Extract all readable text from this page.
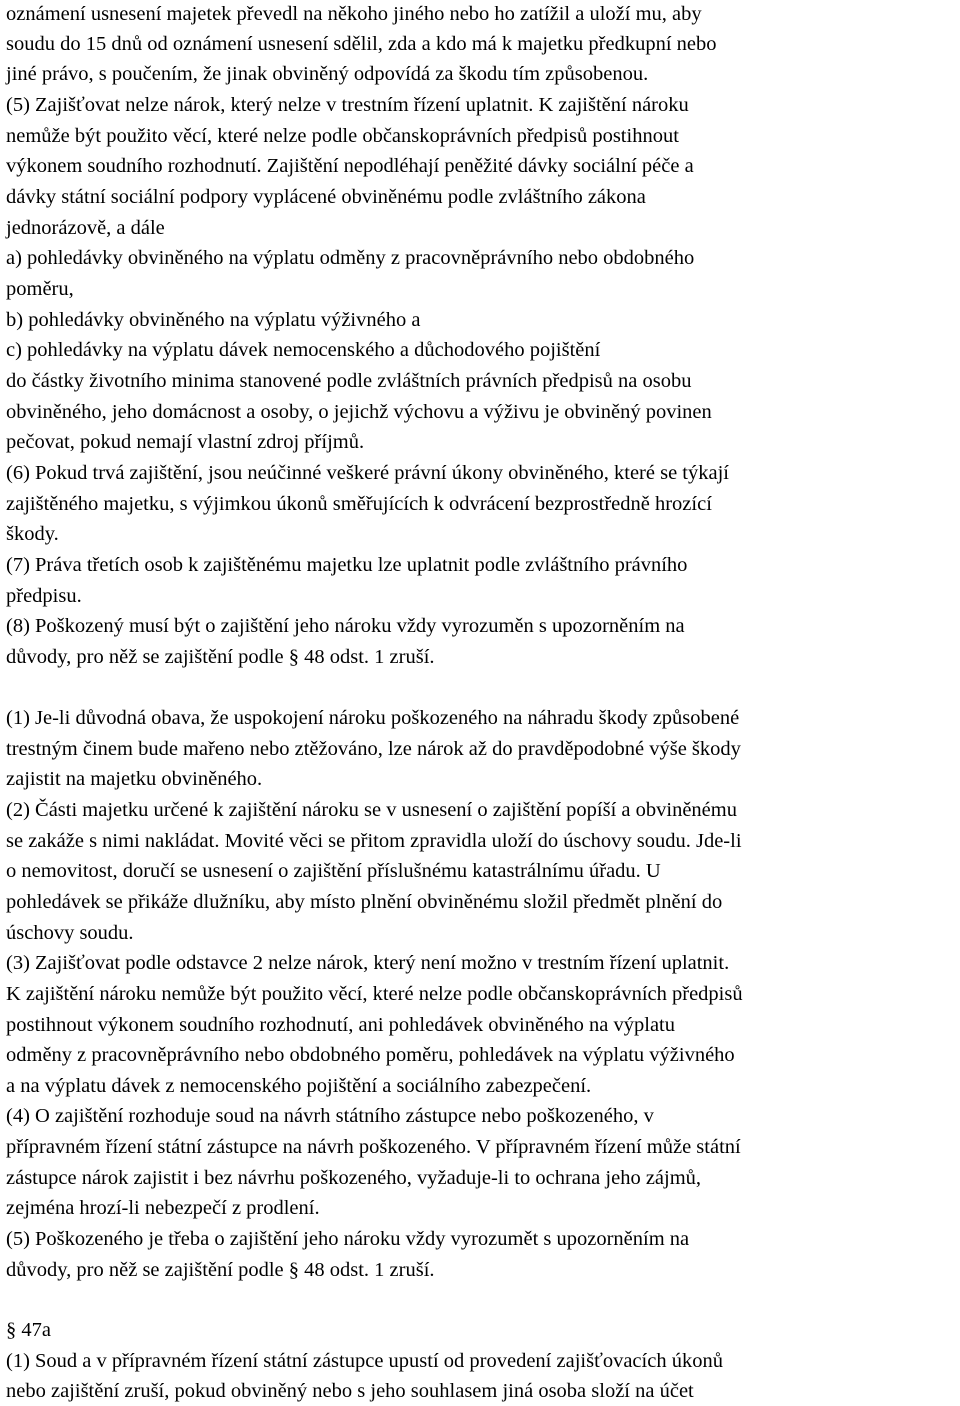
oznámení usnesení majetek převedl na někoho jiného nebo ho zatížil a uloží mu, aby
soudu do 15 dnů od oznámení usnesení sdělil, zda a kdo má k majetku předkupní nebo
jiné právo, s poučením, že jinak obviněný odpovídá za škodu tím způsobenou.
(5) Zajišťovat nelze nárok, který nelze v trestním řízení uplatnit. K zajištění nároku
nemůže být použito věcí, které nelze podle občanskoprávních předpisů postihnout
výkonem soudního rozhodnutí. Zajištění nepodléhají peněžité dávky sociální péče a
dávky státní sociální podpory vyplácené obviněnému podle zvláštního zákona
jednorázově, a dále
a) pohledávky obviněného na výplatu odměny z pracovněprávního nebo obdobného
poměru,
b) pohledávky obviněného na výplatu výživného a
c) pohledávky na výplatu dávek nemocenského a důchodového pojištění
do částky životního minima stanovené podle zvláštních právních předpisů na osobu
obviněného, jeho domácnost a osoby, o jejichž výchovu a výživu je obviněný povinen
pečovat, pokud nemají vlastní zdroj příjmů.
(6) Pokud trvá zajištění, jsou neúčinné veškeré právní úkony obviněného, které se týkají
zajištěného majetku, s výjimkou úkonů směřujících k odvrácení bezprostředně hrozící
škody.
(7) Práva třetích osob k zajištěnému majetku lze uplatnit podle zvláštního právního
předpisu.
(8) Poškozený musí být o zajištění jeho nároku vždy vyrozuměn s upozorněním na
důvody, pro něž se zajištění podle § 48 odst. 1 zruší.
(1) Je-li důvodná obava, že uspokojení nároku poškozeného na náhradu škody způsobené
trestným činem bude mařeno nebo ztěžováno, lze nárok až do pravděpodobné výše škody
zajistit na majetku obviněného.
(2) Části majetku určené k zajištění nároku se v usnesení o zajištění popíší a obviněnému
se zakáže s nimi nakládat. Movité věci se přitom zpravidla uloží do úschovy soudu. Jde-li
o nemovitost, doručí se usnesení o zajištění příslušnému katastrálnímu úřadu. U
pohledávek se přikáže dlužníku, aby místo plnění obviněnému složil předmět plnění do
úschovy soudu.
(3) Zajišťovat podle odstavce 2 nelze nárok, který není možno v trestním řízení uplatnit.
K zajištění nároku nemůže být použito věcí, které nelze podle občanskoprávních předpisů
postihnout výkonem soudního rozhodnutí, ani pohledávek obviněného na výplatu
odměny z pracovněprávního nebo obdobného poměru, pohledávek na výplatu výživného
a na výplatu dávek z nemocenského pojištění a sociálního zabezpečení.
(4) O zajištění rozhoduje soud na návrh státního zástupce nebo poškozeného, v
přípravném řízení státní zástupce na návrh poškozeného. V přípravném řízení může státní
zástupce nárok zajistit i bez návrhu poškozeného, vyžaduje-li to ochrana jeho zájmů,
zejména hrozí-li nebezpečí z prodlení.
(5) Poškozeného je třeba o zajištění jeho nároku vždy vyrozumět s upozorněním na
důvody, pro něž se zajištění podle § 48 odst. 1 zruší.
§ 47a
(1) Soud a v přípravném řízení státní zástupce upustí od provedení zajišťovacích úkonů
nebo zajištění zruší, pokud obviněný nebo s jeho souhlasem jiná osoba složí na účet
